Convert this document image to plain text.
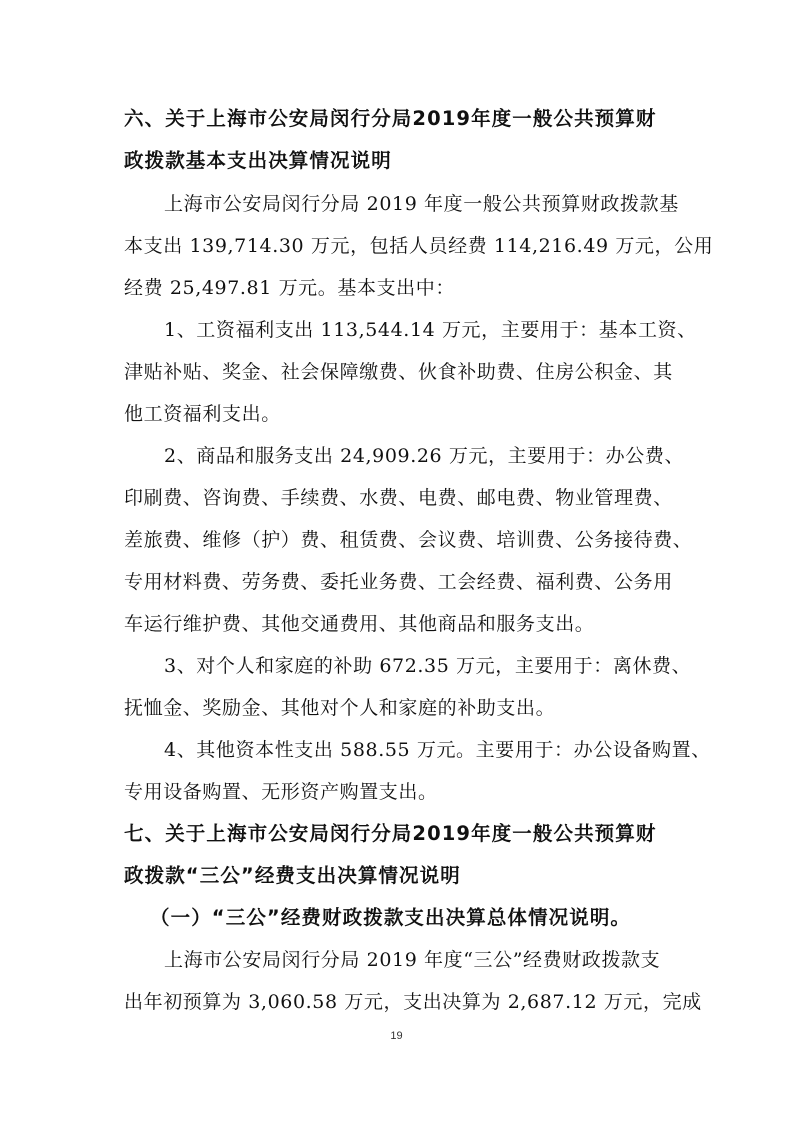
六、关于上海市公安局闵行分局2019年度一般公共预算财
政拨款基本支出决算情况说明
上海市公安局闵行分局 2019 年度一般公共预算财政拨款基
本支出 139,714.30 万元，包括人员经费 114,216.49 万元，公用
经费 25,497.81 万元。基本支出中：
1、工资福利支出 113,544.14 万元，主要用于：基本工资、
津贴补贴、奖金、社会保障缴费、伙食补助费、住房公积金、其
他工资福利支出。
2、商品和服务支出 24,909.26 万元，主要用于：办公费、
印刷费、咨询费、手续费、水费、电费、邮电费、物业管理费、
差旅费、维修（护）费、租赁费、会议费、培训费、公务接待费、
专用材料费、劳务费、委托业务费、工会经费、福利费、公务用
车运行维护费、其他交通费用、其他商品和服务支出。
3、对个人和家庭的补助 672.35 万元，主要用于：离休费、
抚恤金、奖励金、其他对个人和家庭的补助支出。
4、其他资本性支出 588.55 万元。主要用于：办公设备购置、
专用设备购置、无形资产购置支出。
七、关于上海市公安局闵行分局2019年度一般公共预算财
政拨款“三公”经费支出决算情况说明
（一）“三公”经费财政拨款支出决算总体情况说明。
上海市公安局闵行分局 2019 年度“三公”经费财政拨款支
出年初预算为 3,060.58 万元，支出决算为 2,687.12 万元，完成
19
